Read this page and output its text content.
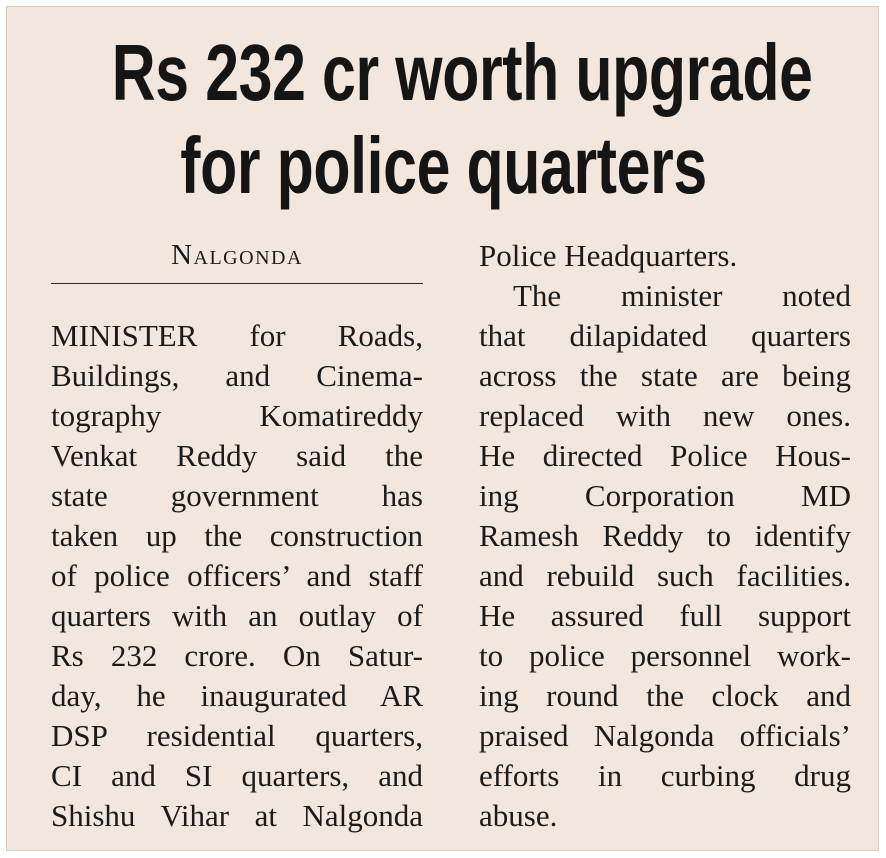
Rs 232 cr worth upgrade
for police quarters
Nalgonda
MINISTER for Roads,
Buildings, and Cinema-
tography Komatireddy
Venkat Reddy said the
state government has
taken up the construction
of police officers’ and staff
quarters with an outlay of
Rs 232 crore. On Satur-
day, he inaugurated AR
DSP residential quarters,
CI and SI quarters, and
Shishu Vihar at Nalgonda
Police Headquarters.
The minister noted
that dilapidated quarters
across the state are being
replaced with new ones.
He directed Police Hous-
ing Corporation MD
Ramesh Reddy to identify
and rebuild such facilities.
He assured full support
to police personnel work-
ing round the clock and
praised Nalgonda officials’
efforts in curbing drug
abuse.
